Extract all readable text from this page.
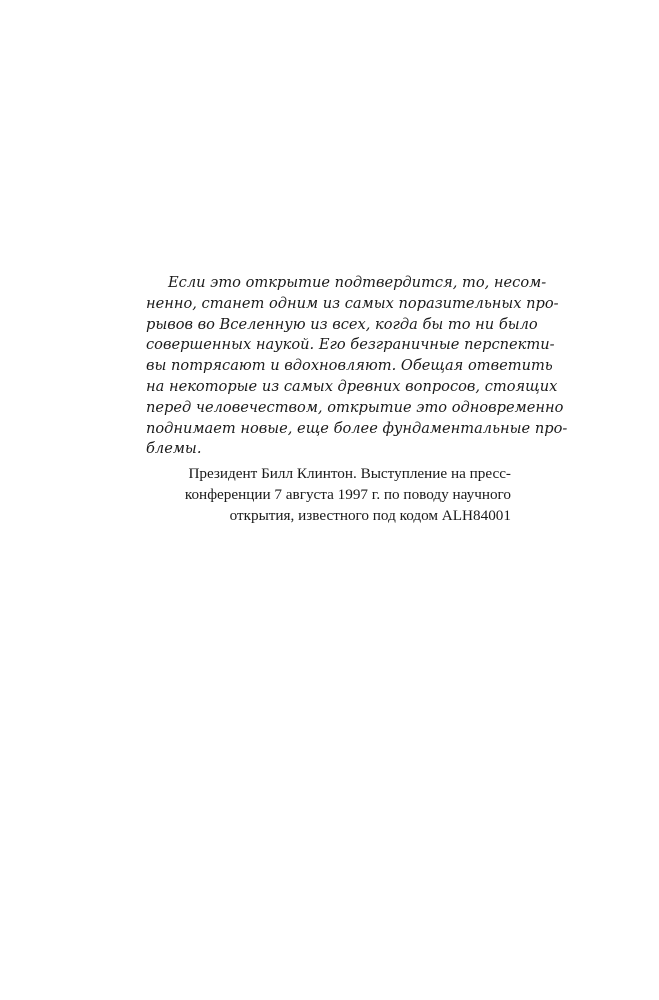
Если это открытие подтвердится, то, несом-
ненно, станет одним из самых поразительных про-
рывов во Вселенную из всех, когда бы то ни было
совершенных наукой. Его безграничные перспекти-
вы потрясают и вдохновляют. Обещая ответить
на некоторые из самых древних вопросов, стоящих
перед человечеством, открытие это одновременно
поднимает новые, еще более фундаментальные про-
блемы.
Президент Билл Клинтон. Выступление на пресс-
конференции 7 августа 1997 г. по поводу научного
открытия, известного под кодом ALH84001
